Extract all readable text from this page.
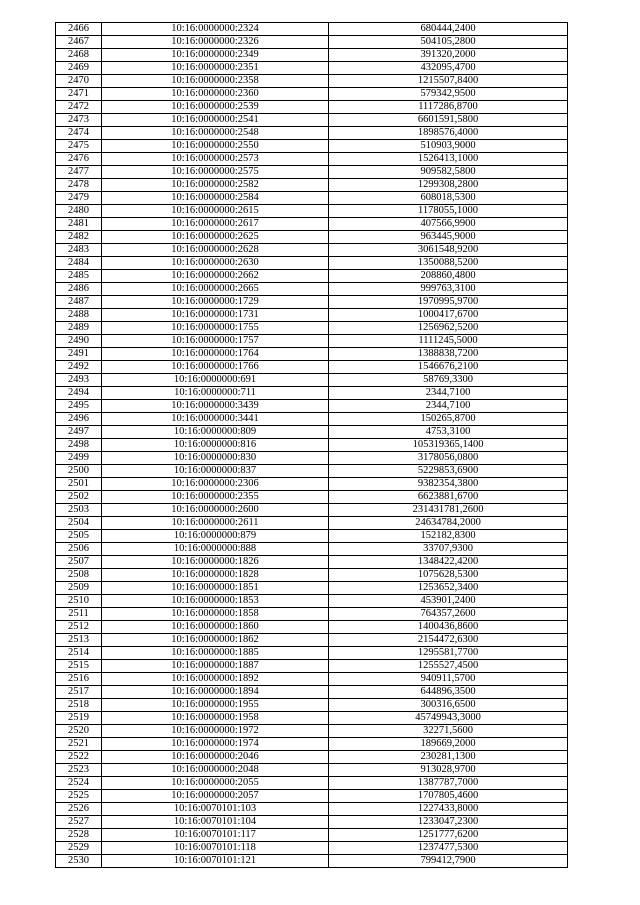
2466	10:16:0000000:2324	680444,2400
2467	10:16:0000000:2326	504105,2800
2468	10:16:0000000:2349	391320,2000
2469	10:16:0000000:2351	432095,4700
2470	10:16:0000000:2358	1215507,8400
2471	10:16:0000000:2360	579342,9500
2472	10:16:0000000:2539	1117286,8700
2473	10:16:0000000:2541	6601591,5800
2474	10:16:0000000:2548	1898576,4000
2475	10:16:0000000:2550	510903,9000
2476	10:16:0000000:2573	1526413,1000
2477	10:16:0000000:2575	909582,5800
2478	10:16:0000000:2582	1299308,2800
2479	10:16:0000000:2584	608018,5300
2480	10:16:0000000:2615	1178055,1000
2481	10:16:0000000:2617	407566,9900
2482	10:16:0000000:2625	963445,9000
2483	10:16:0000000:2628	3061548,9200
2484	10:16:0000000:2630	1350088,5200
2485	10:16:0000000:2662	208860,4800
2486	10:16:0000000:2665	999763,3100
2487	10:16:0000000:1729	1970995,9700
2488	10:16:0000000:1731	1000417,6700
2489	10:16:0000000:1755	1256962,5200
2490	10:16:0000000:1757	1111245,5000
2491	10:16:0000000:1764	1388838,7200
2492	10:16:0000000:1766	1546676,2100
2493	10:16:0000000:691	58769,3300
2494	10:16:0000000:711	2344,7100
2495	10:16:0000000:3439	2344,7100
2496	10:16:0000000:3441	150265,8700
2497	10:16:0000000:809	4753,3100
2498	10:16:0000000:816	105319365,1400
2499	10:16:0000000:830	3178056,0800
2500	10:16:0000000:837	5229853,6900
2501	10:16:0000000:2306	9382354,3800
2502	10:16:0000000:2355	6623881,6700
2503	10:16:0000000:2600	231431781,2600
2504	10:16:0000000:2611	24634784,2000
2505	10:16:0000000:879	152182,8300
2506	10:16:0000000:888	33707,9300
2507	10:16:0000000:1826	1348422,4200
2508	10:16:0000000:1828	1075628,5300
2509	10:16:0000000:1851	1253652,3400
2510	10:16:0000000:1853	453901,2400
2511	10:16:0000000:1858	764357,2600
2512	10:16:0000000:1860	1400436,8600
2513	10:16:0000000:1862	2154472,6300
2514	10:16:0000000:1885	1295581,7700
2515	10:16:0000000:1887	1255527,4500
2516	10:16:0000000:1892	940911,5700
2517	10:16:0000000:1894	644896,3500
2518	10:16:0000000:1955	300316,6500
2519	10:16:0000000:1958	45749943,3000
2520	10:16:0000000:1972	32271,5600
2521	10:16:0000000:1974	189669,2000
2522	10:16:0000000:2046	230281,1300
2523	10:16:0000000:2048	913028,9700
2524	10:16:0000000:2055	1387787,7000
2525	10:16:0000000:2057	1707805,4600
2526	10:16:0070101:103	1227433,8000
2527	10:16:0070101:104	1233047,2300
2528	10:16:0070101:117	1251777,6200
2529	10:16:0070101:118	1237477,5300
2530	10:16:0070101:121	799412,7900
